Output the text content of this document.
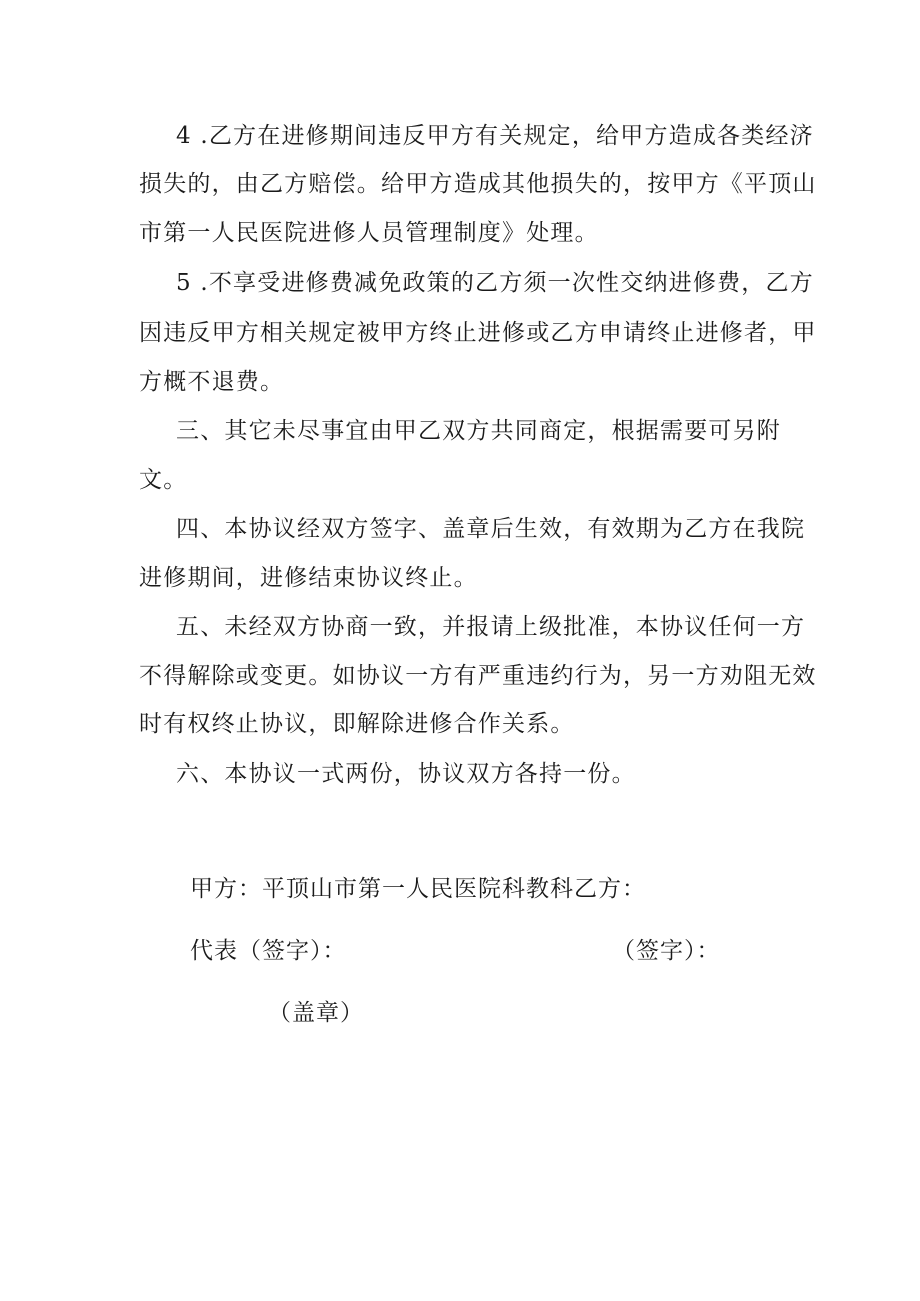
4 .乙方在进修期间违反甲方有关规定，给甲方造成各类经济
损失的，由乙方赔偿。给甲方造成其他损失的，按甲方《平顶山
市第一人民医院进修人员管理制度》处理。
5 .不享受进修费减免政策的乙方须一次性交纳进修费，乙方
因违反甲方相关规定被甲方终止进修或乙方申请终止进修者，甲
方概不退费。
三、其它未尽事宜由甲乙双方共同商定，根据需要可另附
文。
四、本协议经双方签字、盖章后生效，有效期为乙方在我院
进修期间，进修结束协议终止。
五、未经双方协商一致，并报请上级批准，本协议任何一方
不得解除或变更。如协议一方有严重违约行为，另一方劝阻无效
时有权终止协议，即解除进修合作关系。
六、本协议一式两份，协议双方各持一份。
甲方：平顶山市第一人民医院科教科乙方：
代表（签字）：	（签字）：
（盖章）
